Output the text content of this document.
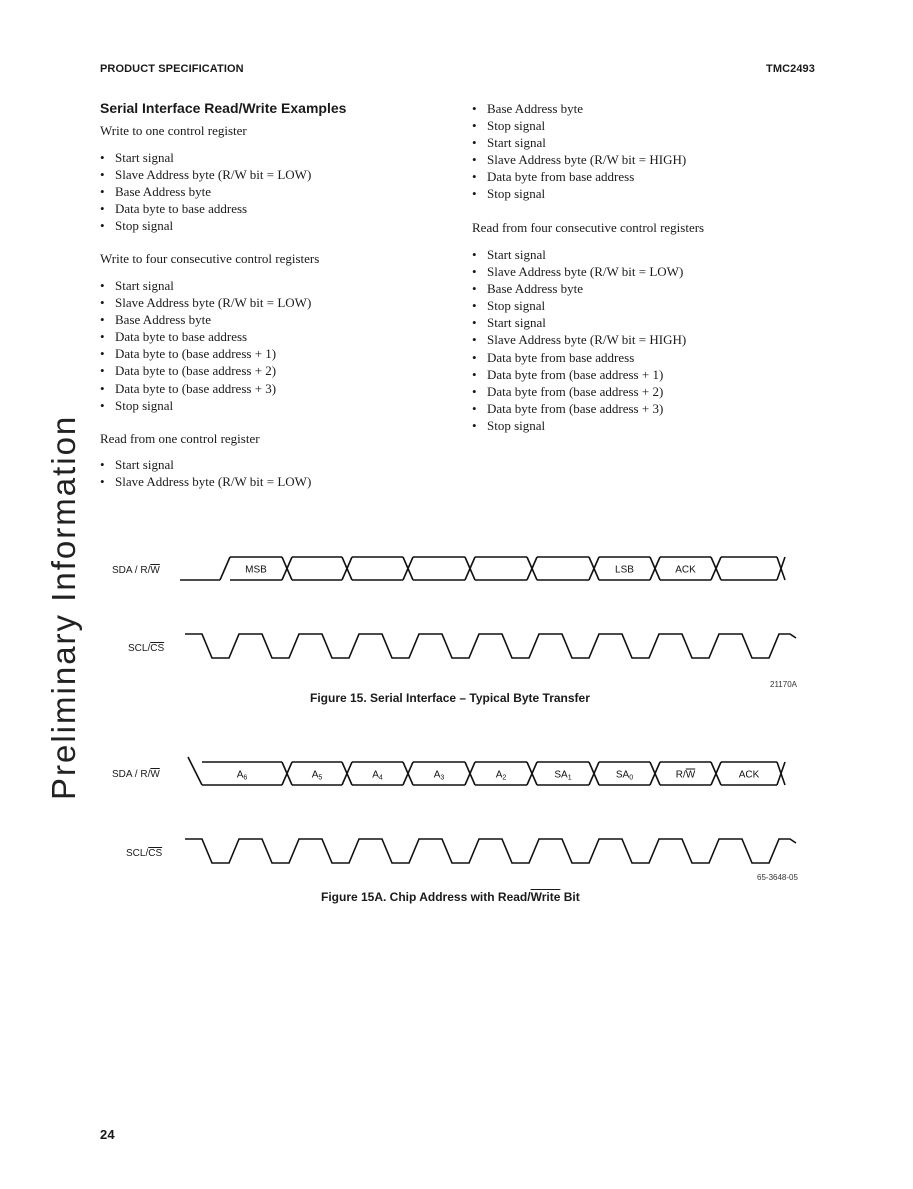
PRODUCT SPECIFICATION	TMC2493
Preliminary Information
Serial Interface Read/Write Examples
Write to one control register
• Start signal
• Slave Address byte (R/W bit = LOW)
• Base Address byte
• Data byte to base address
• Stop signal
Write to four consecutive control registers
• Start signal
• Slave Address byte (R/W bit = LOW)
• Base Address byte
• Data byte to base address
• Data byte to (base address + 1)
• Data byte to (base address + 2)
• Data byte to (base address + 3)
• Stop signal
Read from one control register
• Start signal
• Slave Address byte (R/W bit = LOW)
• Base Address byte
• Stop signal
• Start signal
• Slave Address byte (R/W bit = HIGH)
• Data byte from base address
• Stop signal
Read from four consecutive control registers
• Start signal
• Slave Address byte (R/W bit = LOW)
• Base Address byte
• Stop signal
• Start signal
• Slave Address byte (R/W bit = HIGH)
• Data byte from base address
• Data byte from (base address + 1)
• Data byte from (base address + 2)
• Data byte from (base address + 3)
• Stop signal
SDA / $R/\overline{W}$
SCL/$\overline{CS}$
MSB	LSB	ACK
21170A
Figure 15. Serial Interface – Typical Byte Transfer
SDA / $R/\overline{W}$
SCL/$\overline{CS}$
$A_6$	$A_5$	$A_4$	$A_3$	$A_2$	$SA_1$	$SA_0$	R/W	ACK
65-3648-05
Figure 15A. Chip Address with Read/Write Bit
24
